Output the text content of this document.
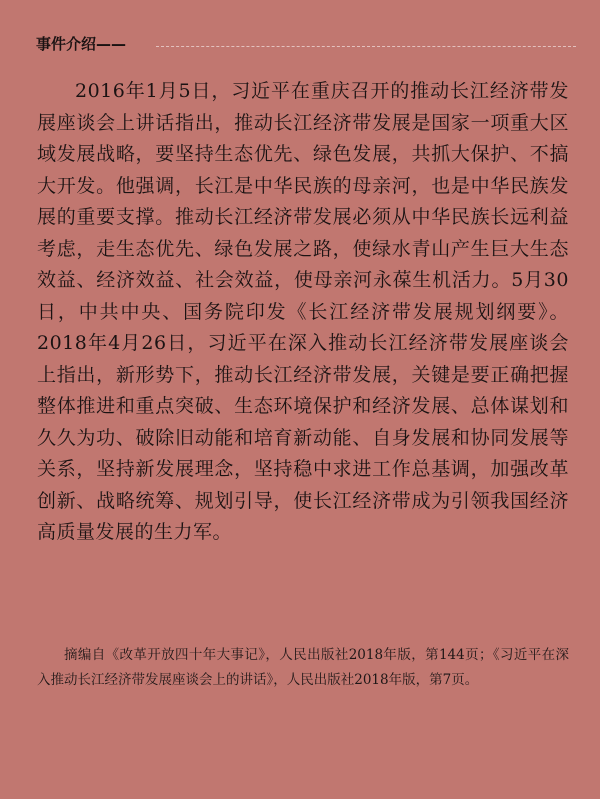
事件介绍——

2016年1月5日，习近平在重庆召开的推动长江经济带发展座谈会上讲话指出，推动长江经济带发展是国家一项重大区域发展战略，要坚持生态优先、绿色发展，共抓大保护、不搞大开发。他强调，长江是中华民族的母亲河，也是中华民族发展的重要支撑。推动长江经济带发展必须从中华民族长远利益考虑，走生态优先、绿色发展之路，使绿水青山产生巨大生态效益、经济效益、社会效益，使母亲河永葆生机活力。5月30日，中共中央、国务院印发《长江经济带发展规划纲要》。2018年4月26日，习近平在深入推动长江经济带发展座谈会上指出，新形势下，推动长江经济带发展，关键是要正确把握整体推进和重点突破、生态环境保护和经济发展、总体谋划和久久为功、破除旧动能和培育新动能、自身发展和协同发展等关系，坚持新发展理念，坚持稳中求进工作总基调，加强改革创新、战略统筹、规划引导，使长江经济带成为引领我国经济高质量发展的生力军。

摘编自《改革开放四十年大事记》，人民出版社2018年版，第144页；《习近平在深入推动长江经济带发展座谈会上的讲话》，人民出版社2018年版，第7页。
